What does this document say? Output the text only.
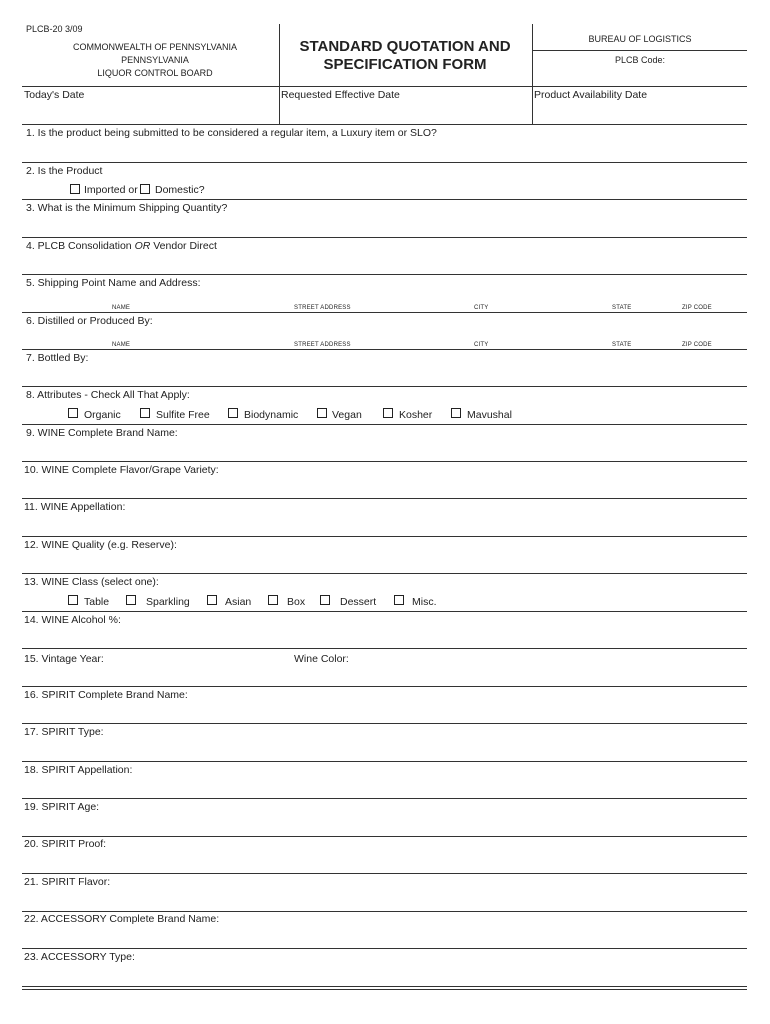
PLCB-20 3/09
COMMONWEALTH OF PENNSYLVANIA
PENNSYLVANIA
LIQUOR CONTROL BOARD
STANDARD QUOTATION AND
SPECIFICATION FORM
BUREAU OF LOGISTICS
PLCB Code:
Today's Date	Requested Effective Date	Product Availability Date
1. Is the product being submitted to be considered a regular item, a Luxury item or SLO?
2. Is the Product
Imported or Domestic?
3. What is the Minimum Shipping Quantity?
4. PLCB Consolidation OR Vendor Direct
5. Shipping Point Name and Address:
NAME	STREET ADDRESS	CITY	STATE	ZIP CODE
6. Distilled or Produced By:
NAME	STREET ADDRESS	CITY	STATE	ZIP CODE
7. Bottled By:
8. Attributes - Check All That Apply:
Organic	Sulfite Free	Biodynamic	Vegan	Kosher	Mavushal
9. WINE Complete Brand Name:
10. WINE Complete Flavor/Grape Variety:
11. WINE Appellation:
12. WINE Quality (e.g. Reserve):
13. WINE Class (select one):
Table	Sparkling	Asian	Box	Dessert	Misc.
14. WINE Alcohol %:
15. Vintage Year:	Wine Color:
16. SPIRIT Complete Brand Name:
17. SPIRIT Type:
18. SPIRIT Appellation:
19. SPIRIT Age:
20. SPIRIT Proof:
21. SPIRIT Flavor:
22. ACCESSORY Complete Brand Name:
23. ACCESSORY Type:
